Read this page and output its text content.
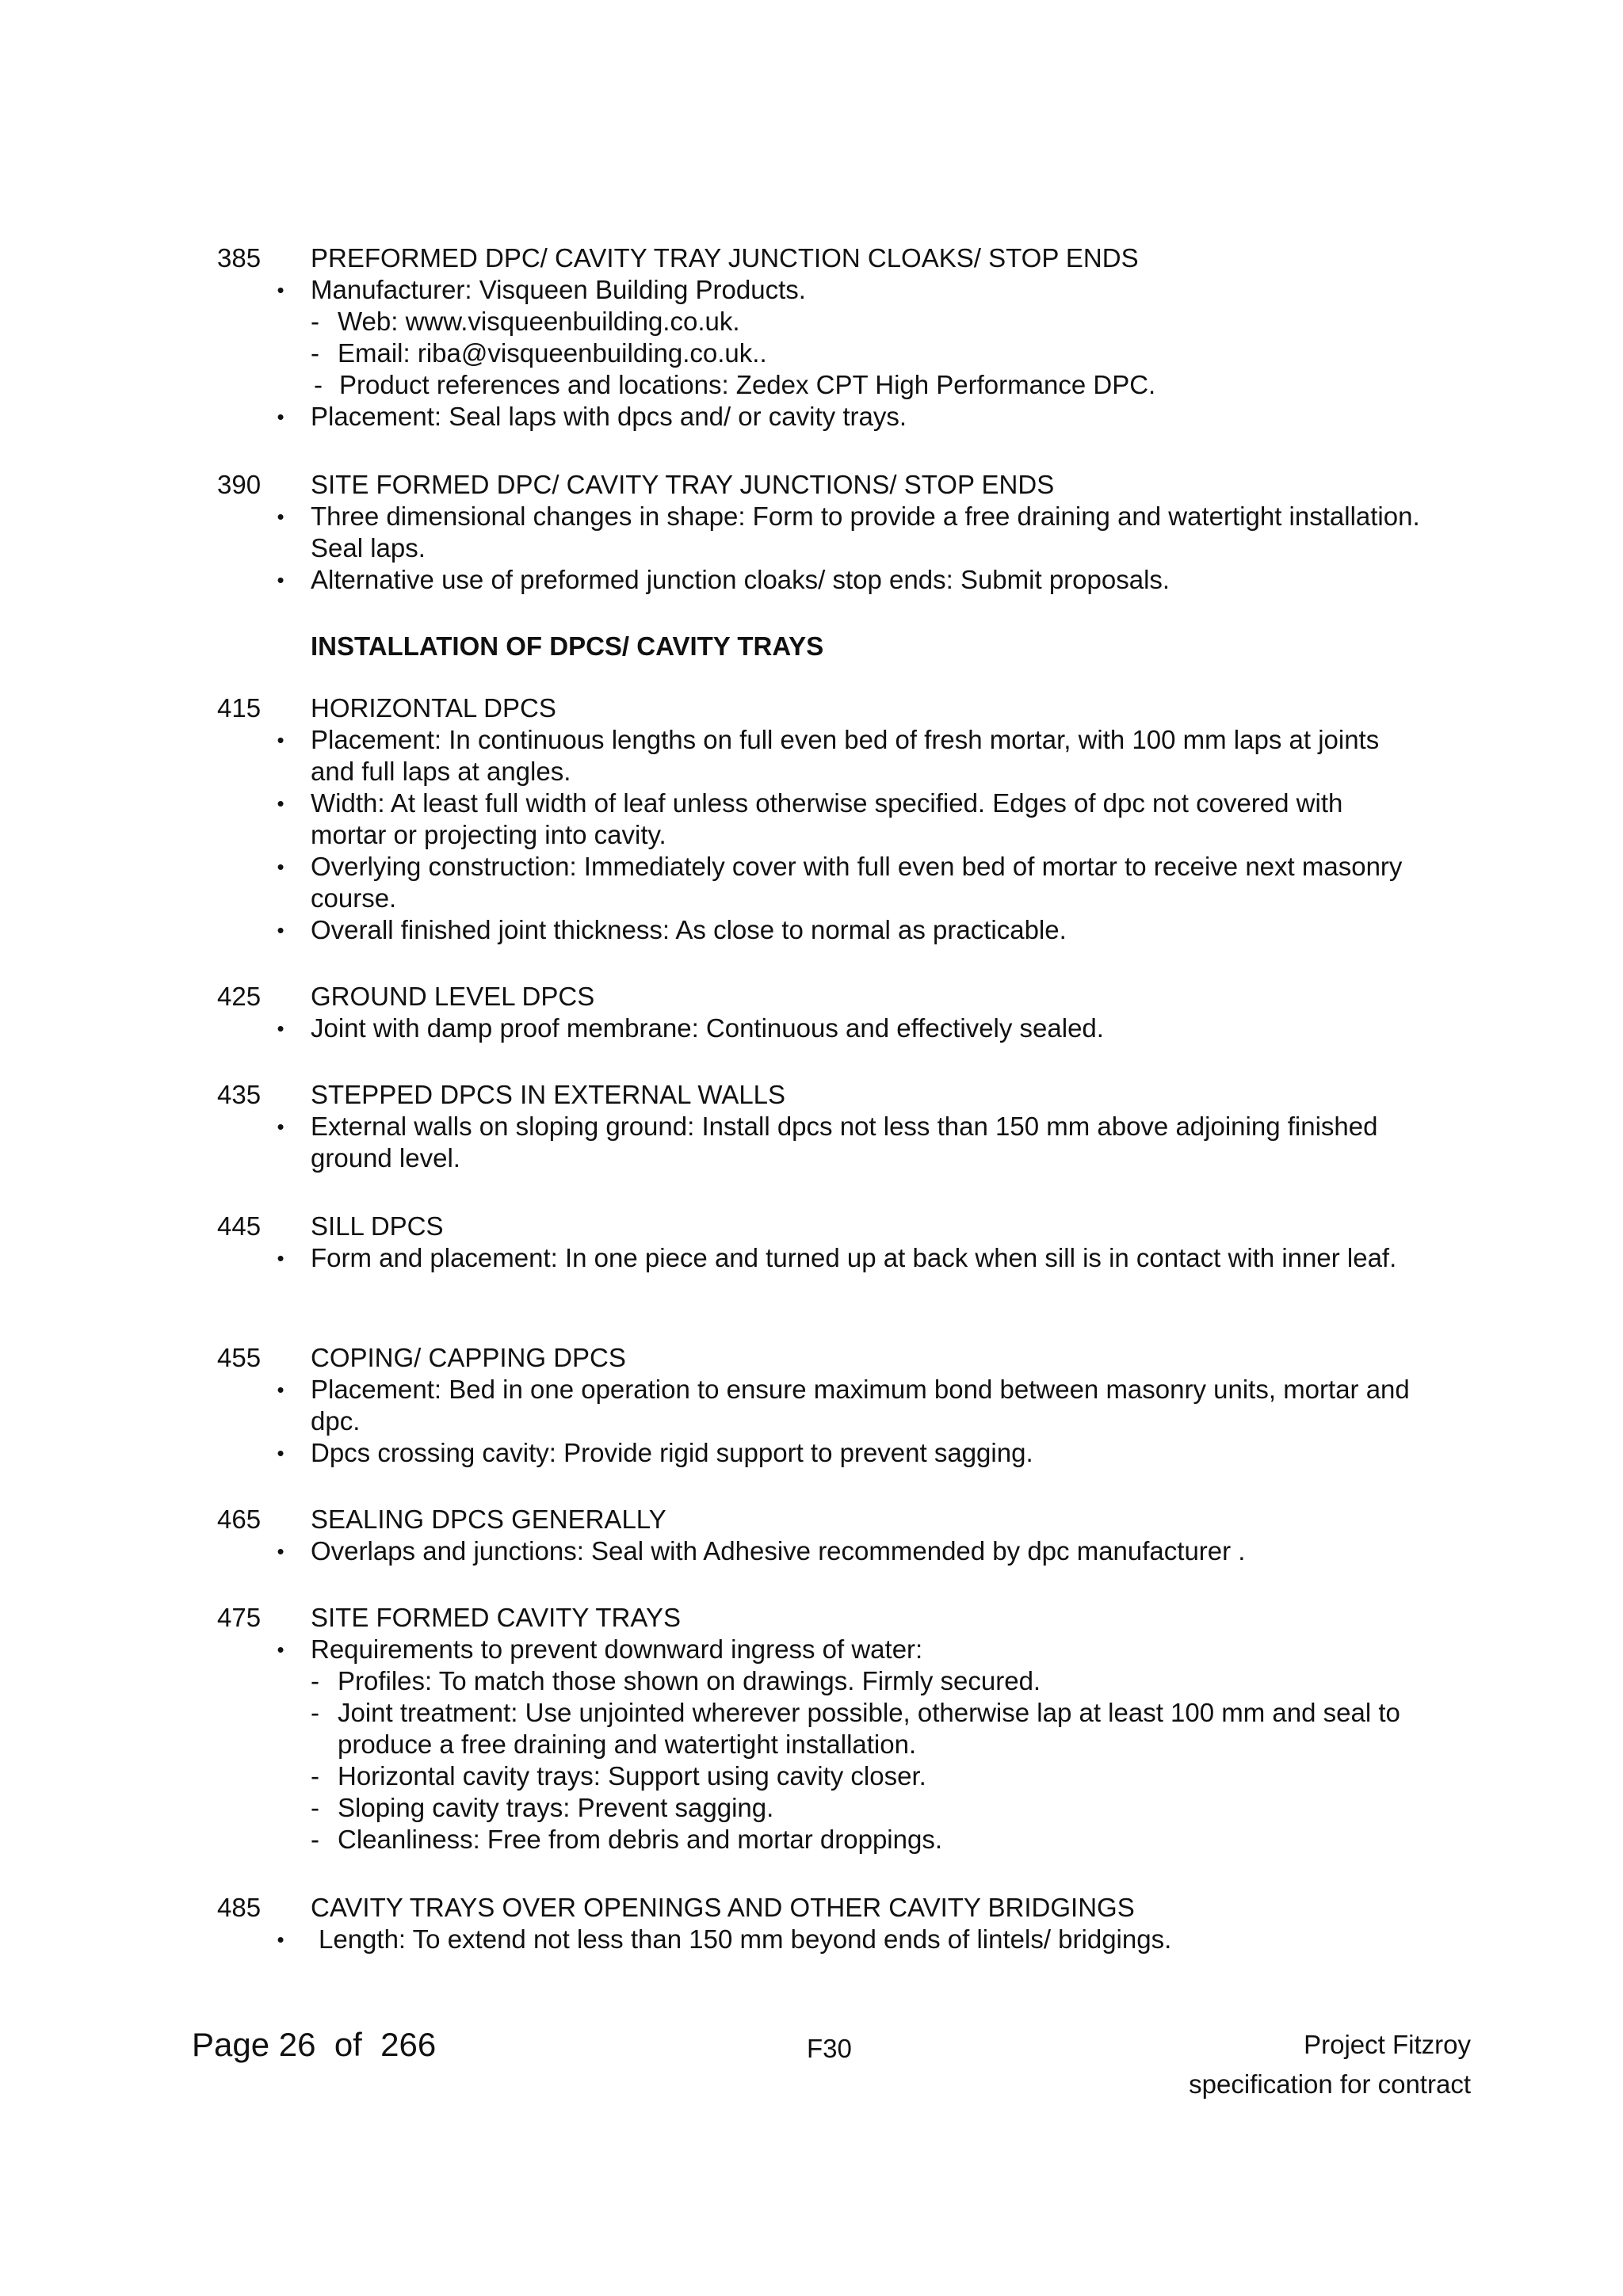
385 PREFORMED DPC/ CAVITY TRAY JUNCTION CLOAKS/ STOP ENDS
• Manufacturer: Visqueen Building Products.
- Web: www.visqueenbuilding.co.uk.
- Email: riba@visqueenbuilding.co.uk..
- Product references and locations: Zedex CPT High Performance DPC.
• Placement: Seal laps with dpcs and/ or cavity trays.
390 SITE FORMED DPC/ CAVITY TRAY JUNCTIONS/ STOP ENDS
• Three dimensional changes in shape: Form to provide a free draining and watertight installation. Seal laps.
• Alternative use of preformed junction cloaks/ stop ends: Submit proposals.
INSTALLATION OF DPCS/ CAVITY TRAYS
415 HORIZONTAL DPCS
• Placement: In continuous lengths on full even bed of fresh mortar, with 100 mm laps at joints and full laps at angles.
• Width: At least full width of leaf unless otherwise specified. Edges of dpc not covered with mortar or projecting into cavity.
• Overlying construction: Immediately cover with full even bed of mortar to receive next masonry course.
• Overall finished joint thickness: As close to normal as practicable.
425 GROUND LEVEL DPCS
• Joint with damp proof membrane: Continuous and effectively sealed.
435 STEPPED DPCS IN EXTERNAL WALLS
• External walls on sloping ground: Install dpcs not less than 150 mm above adjoining finished ground level.
445 SILL DPCS
• Form and placement: In one piece and turned up at back when sill is in contact with inner leaf.
455 COPING/ CAPPING DPCS
• Placement: Bed in one operation to ensure maximum bond between masonry units, mortar and dpc.
• Dpcs crossing cavity: Provide rigid support to prevent sagging.
465 SEALING DPCS GENERALLY
• Overlaps and junctions: Seal with Adhesive recommended by dpc manufacturer .
475 SITE FORMED CAVITY TRAYS
• Requirements to prevent downward ingress of water:
- Profiles: To match those shown on drawings. Firmly secured.
- Joint treatment: Use unjointed wherever possible, otherwise lap at least 100 mm and seal to produce a free draining and watertight installation.
- Horizontal cavity trays: Support using cavity closer.
- Sloping cavity trays: Prevent sagging.
- Cleanliness: Free from debris and mortar droppings.
485 CAVITY TRAYS OVER OPENINGS AND OTHER CAVITY BRIDGINGS
• Length: To extend not less than 150 mm beyond ends of lintels/ bridgings.
Page 26  of  266	F30	Project Fitzroy
specification for contract
